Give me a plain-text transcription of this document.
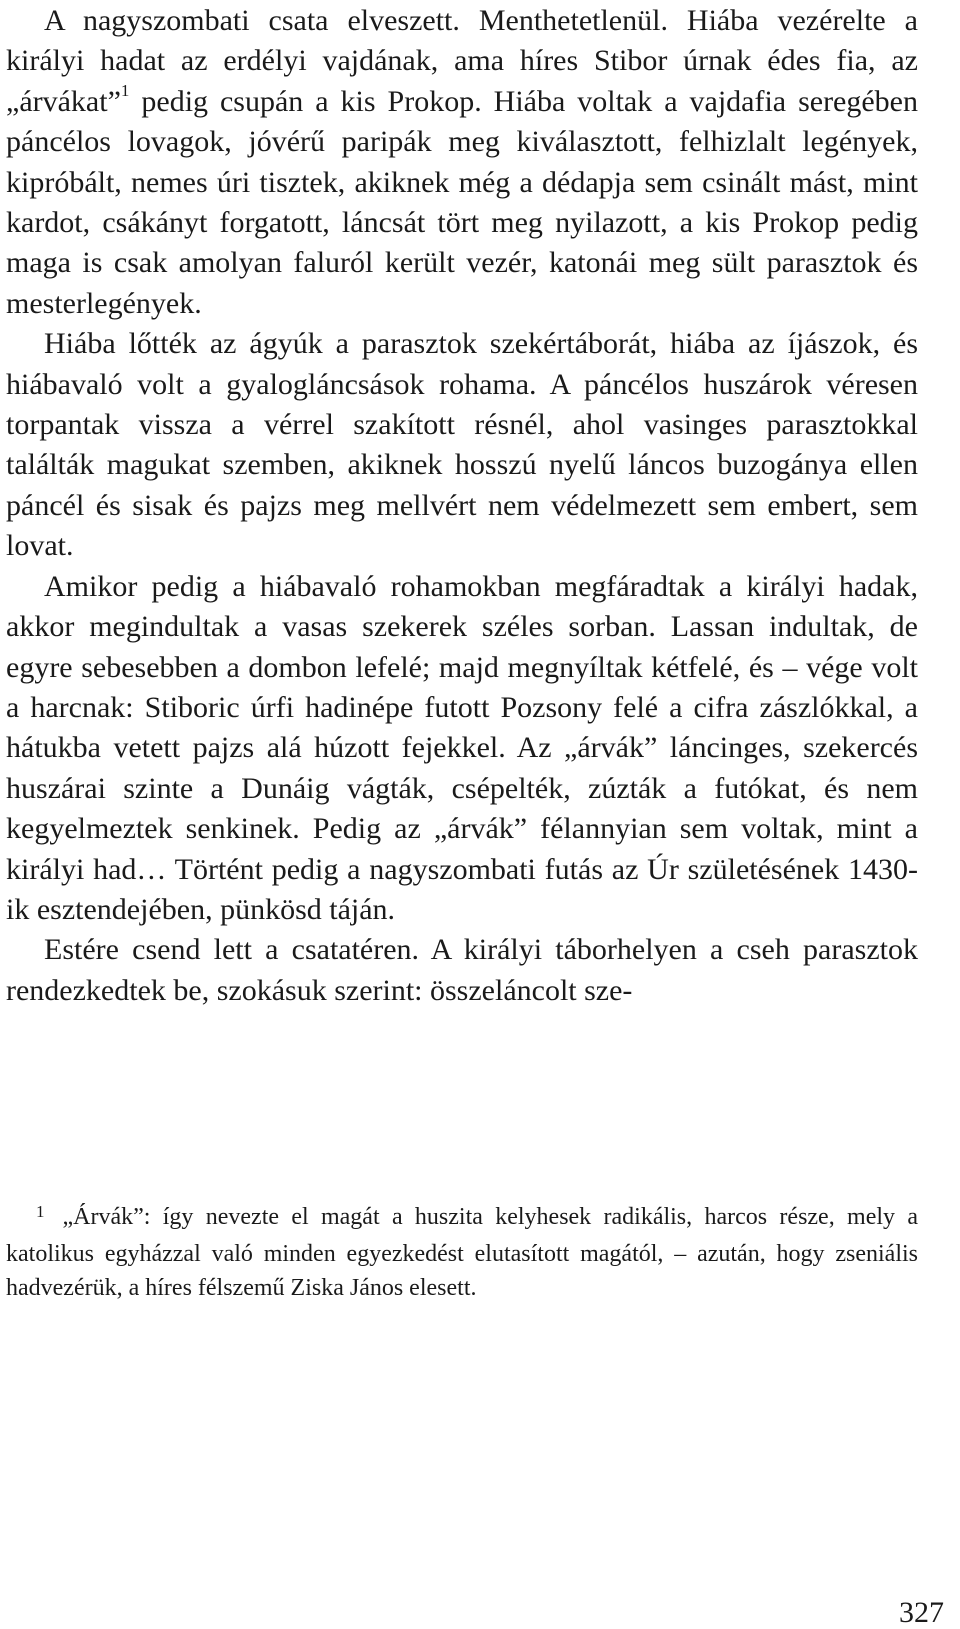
A nagyszombati csata elveszett. Menthetetlenül. Hiába vezérelte a királyi hadat az erdélyi vajdának, ama híres Stibor úrnak édes fia, az „árvákat”$^1$ pedig csupán a kis Prokop. Hiába voltak a vajdafia seregében páncélos lovagok, jóvérű paripák meg kiválasztott, felhizlalt legények, kipróbált, nemes úri tisztek, akiknek még a dédapja sem csinált mást, mint kardot, csákányt forgatott, láncsát tört meg nyilazott, a kis Prokop pedig maga is csak amolyan faluról került vezér, katonái meg sült parasztok és mesterlegények.

Hiába lőtték az ágyúk a parasztok szekértáborát, hiába az íjászok, és hiábavaló volt a gyalogláncsások rohama. A páncélos huszárok véresen torpantak vissza a vérrel szakított résnél, ahol vasinges parasztokkal találták magukat szemben, akiknek hosszú nyelű láncos buzogánya ellen páncél és sisak és pajzs meg mellvért nem védelmezett sem embert, sem lovat.

Amikor pedig a hiábavaló rohamokban megfáradtak a királyi hadak, akkor megindultak a vasas szekerek széles sorban. Lassan indultak, de egyre sebesebben a dombon lefelé; majd megnyíltak kétfelé, és – vége volt a harcnak: Stiboric úrfi hadinépe futott Pozsony felé a cifra zászlókkal, a hátukba vetett pajzs alá húzott fejekkel. Az „árvák” láncinges, szekercés huszárai szinte a Dunáig vágták, csépelték, zúzták a futókat, és nem kegyelmeztek senkinek. Pedig az „árvák” félannyian sem voltak, mint a királyi had… Történt pedig a nagyszombati futás az Úr születésének 1430-ik esztendejében, pünkösd táján.

Estére csend lett a csatatéren. A királyi táborhelyen a cseh parasztok rendezkedtek be, szokásuk szerint: összeláncolt sze-

$^1$ „Árvák”: így nevezte el magát a huszita kelyhesek radikális, harcos része, mely a katolikus egyházzal való minden egyezkedést elutasított magától, – azután, hogy zseniális hadvezérük, a híres félszemű Ziska János elesett.

327
